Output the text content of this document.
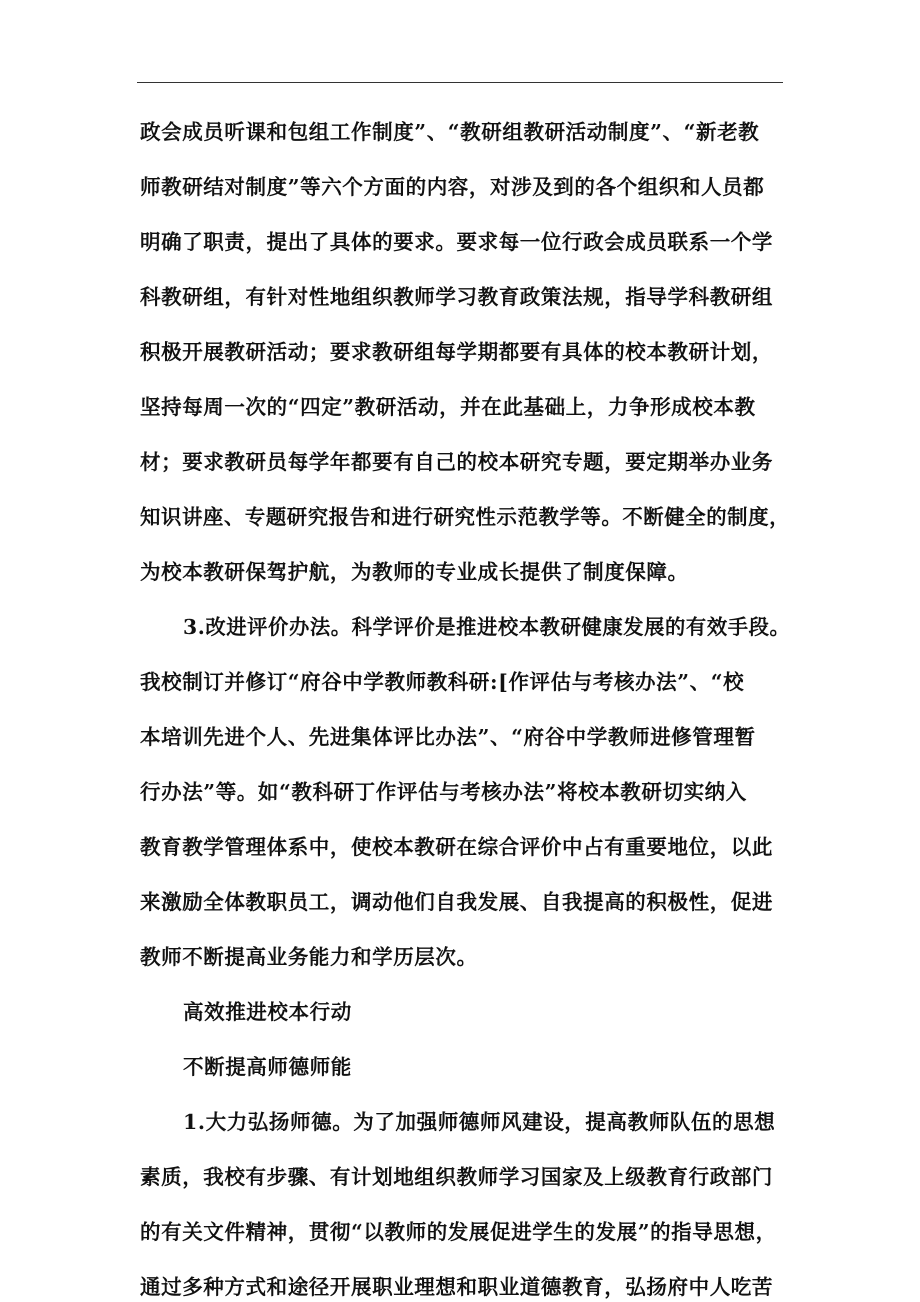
政会成员听课和包组工作制度”、“教研组教研活动制度”、“新老教
师教研结对制度”等六个方面的内容，对涉及到的各个组织和人员都
明确了职责，提出了具体的要求。要求每一位行政会成员联系一个学
科教研组，有针对性地组织教师学习教育政策法规，指导学科教研组
积极开展教研活动；要求教研组每学期都要有具体的校本教研计划，
坚持每周一次的“四定”教研活动，并在此基础上，力争形成校本教
材；要求教研员每学年都要有自己的校本研究专题，要定期举办业务
知识讲座、专题研究报告和进行研究性示范教学等。不断健全的制度，
为校本教研保驾护航，为教师的专业成长提供了制度保障。
3.改进评价办法。科学评价是推进校本教研健康发展的有效手段。
我校制订并修订“府谷中学教师教科研:[作评估与考核办法”、“校
本培训先进个人、先进集体评比办法”、“府谷中学教师进修管理暂
行办法”等。如“教科研丁作评估与考核办法”将校本教研切实纳入
教育教学管理体系中，使校本教研在综合评价中占有重要地位，以此
来激励全体教职员工，调动他们自我发展、自我提高的积极性，促进
教师不断提高业务能力和学历层次。
高效推进校本行动
不断提高师德师能
1.大力弘扬师德。为了加强师德师风建设，提高教师队伍的思想
素质，我校有步骤、有计划地组织教师学习国家及上级教育行政部门
的有关文件精神，贯彻“以教师的发展促进学生的发展”的指导思想，
通过多种方式和途径开展职业理想和职业道德教育，弘扬府中人吃苦
